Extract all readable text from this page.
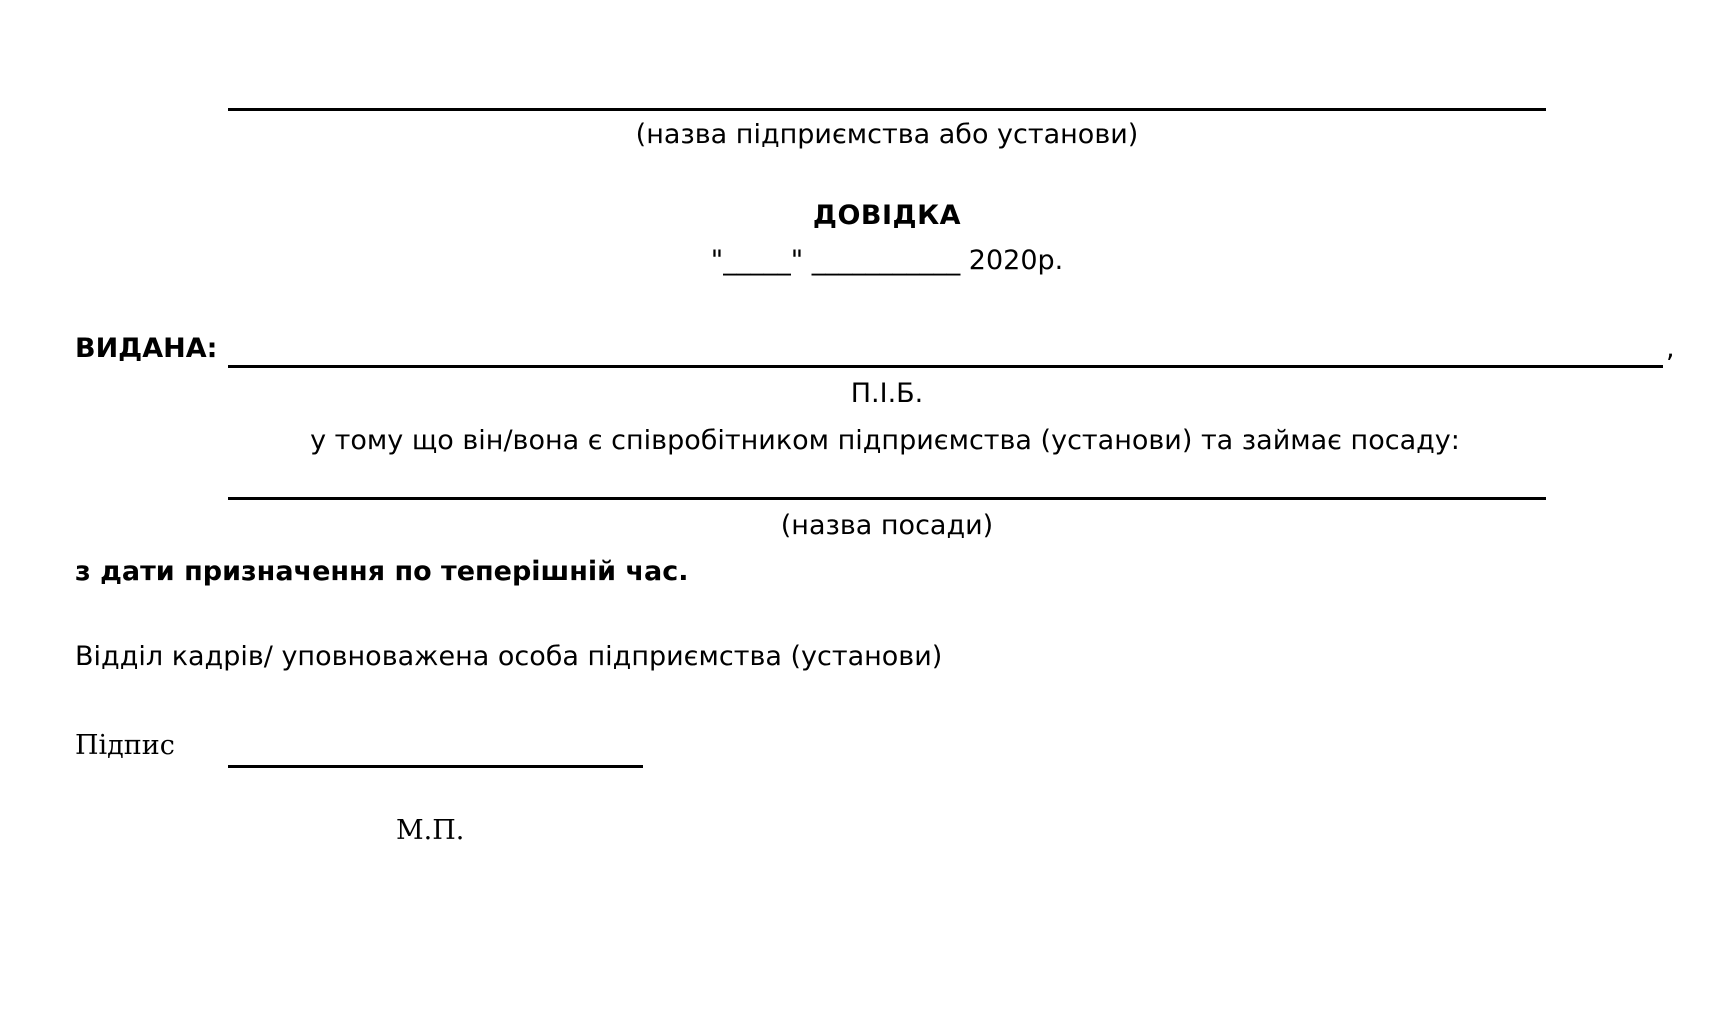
(назва підприємства або установи)
ДОВІДКА
"_____" ___________ 2020р.
ВИДАНА:	,
П.І.Б.
у тому що він/вона є співробітником підприємства (установи) та займає посаду:
(назва посади)
з дати призначення по теперішній час.
Відділ кадрів/ уповноважена особа підприємства (установи)
Підпис
М.П.
